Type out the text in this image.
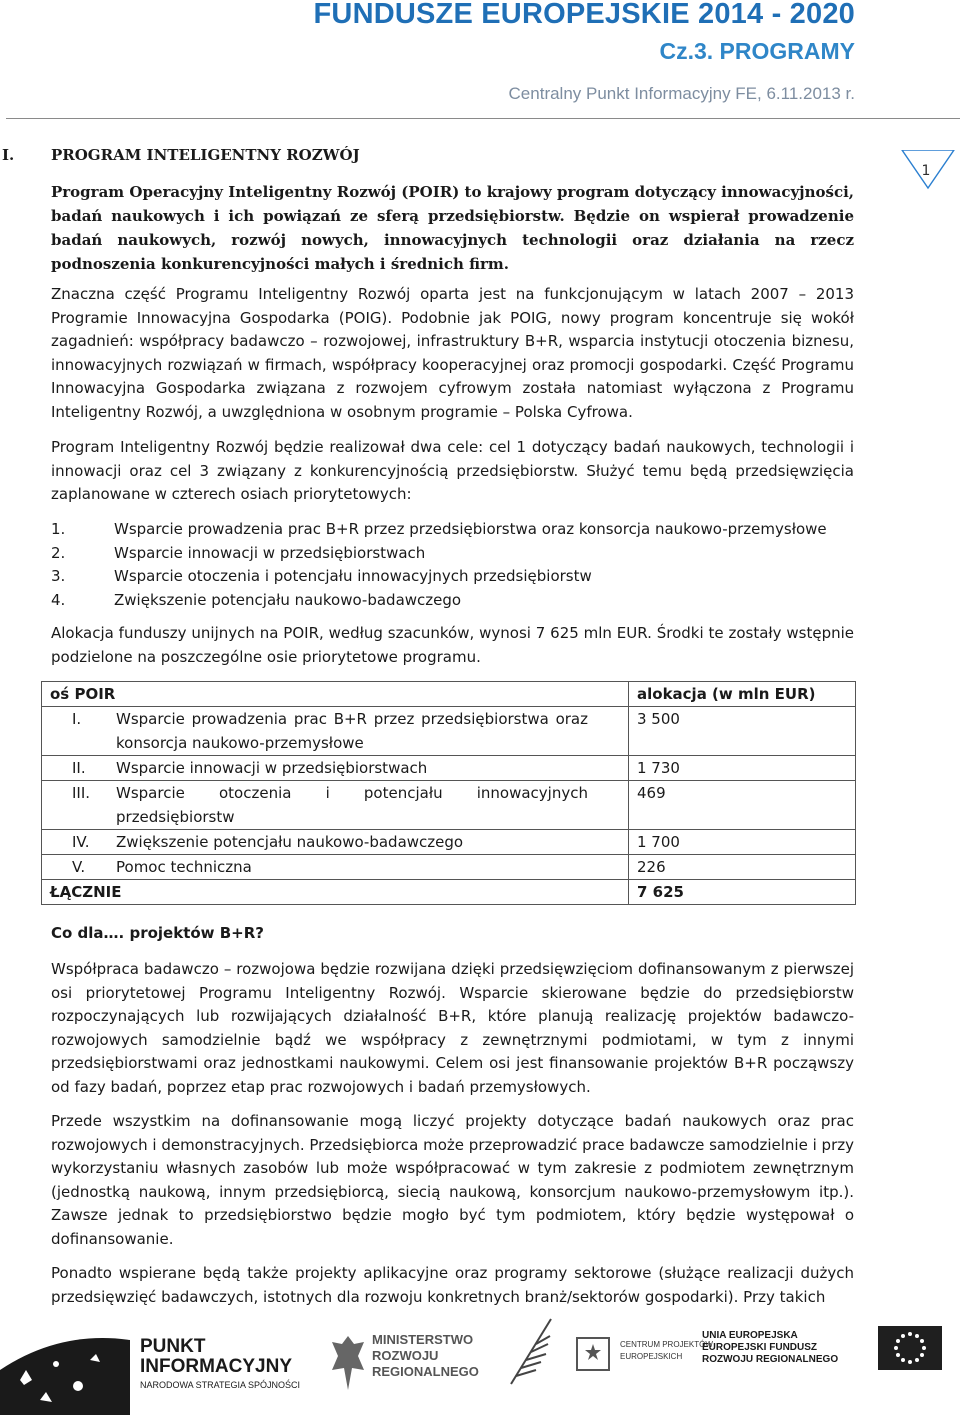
FUNDUSZE EUROPEJSKIE 2014 - 2020
Cz.3. PROGRAMY
Centralny Punkt Informacyjny FE, 6.11.2013 r.
1
I. PROGRAM INTELIGENTNY ROZWÓJ
Program Operacyjny Inteligentny Rozwój (POIR) to krajowy program dotyczący innowacyjności, badań naukowych i ich powiązań ze sferą przedsiębiorstw. Będzie on wspierał prowadzenie badań naukowych, rozwój nowych, innowacyjnych technologii oraz działania na rzecz podnoszenia konkurencyjności małych i średnich firm.
Znaczna część Programu Inteligentny Rozwój oparta jest na funkcjonującym w latach 2007 – 2013 Programie Innowacyjna Gospodarka (POIG). Podobnie jak POIG, nowy program koncentruje się wokół zagadnień: współpracy badawczo – rozwojowej, infrastruktury B+R, wsparcia instytucji otoczenia biznesu, innowacyjnych rozwiązań w firmach, współpracy kooperacyjnej oraz promocji gospodarki. Część Programu Innowacyjna Gospodarka związana z rozwojem cyfrowym została natomiast wyłączona z Programu Inteligentny Rozwój, a uwzględniona w osobnym programie – Polska Cyfrowa.
Program Inteligentny Rozwój będzie realizował dwa cele: cel 1 dotyczący badań naukowych, technologii i innowacji oraz cel 3 związany z konkurencyjnością przedsiębiorstw. Służyć temu będą przedsięwzięcia zaplanowane w czterech osiach priorytetowych:
1.	Wsparcie prowadzenia prac B+R przez przedsiębiorstwa oraz konsorcja naukowo-przemysłowe
2.	Wsparcie innowacji w przedsiębiorstwach
3.	Wsparcie otoczenia i potencjału innowacyjnych przedsiębiorstw
4.	Zwiększenie potencjału naukowo-badawczego
Alokacja funduszy unijnych na POIR, według szacunków, wynosi 7 625 mln EUR. Środki te zostały wstępnie podzielone na poszczególne osie priorytetowe programu.
oś POIR	alokacja (w mln EUR)

I. Wsparcie prowadzenia prac B+R przez przedsiębiorstwa oraz konsorcja naukowo-przemysłowe	3 500

II. Wsparcie innowacji w przedsiębiorstwach	1 730

III. Wsparcie otoczenia i potencjału innowacyjnych przedsiębiorstw	469

IV. Zwiększenie potencjału naukowo-badawczego	1 700

V. Pomoc techniczna	226
ŁĄCZNIE	7 625
Co dla…. projektów B+R?
Współpraca badawczo – rozwojowa będzie rozwijana dzięki przedsięwzięciom dofinansowanym z pierwszej osi priorytetowej Programu Inteligentny Rozwój. Wsparcie skierowane będzie do przedsiębiorstw rozpoczynających lub rozwijających działalność B+R, które planują realizację projektów badawczo-rozwojowych samodzielnie bądź we współpracy z zewnętrznymi podmiotami, w tym z innymi przedsiębiorstwami oraz jednostkami naukowymi. Celem osi jest finansowanie projektów B+R począwszy od fazy badań, poprzez etap prac rozwojowych i badań przemysłowych.
Przede wszystkim na dofinansowanie mogą liczyć projekty dotyczące badań naukowych oraz prac rozwojowych i demonstracyjnych. Przedsiębiorca może przeprowadzić prace badawcze samodzielnie i przy wykorzystaniu własnych zasobów lub może współpracować w tym zakresie z podmiotem zewnętrznym (jednostką naukową, innym przedsiębiorcą, siecią naukową, konsorcjum naukowo-przemysłowym itp.). Zawsze jednak to przedsiębiorstwo będzie mogło być tym podmiotem, który będzie występował o dofinansowanie.
Ponadto wspierane będą także projekty aplikacyjne oraz programy sektorowe (służące realizacji dużych przedsięwzięć badawczych, istotnych dla rozwoju konkretnych branż/sektorów gospodarki). Przy takich
PUNKT
INFORMACYJNY
NARODOWA STRATEGIA SPÓJNOŚCI
MINISTERSTWO
ROZWOJU
REGIONALNEGO
CENTRUM PROJEKTÓW
EUROPEJSKICH
UNIA EUROPEJSKA
EUROPEJSKI FUNDUSZ
ROZWOJU REGIONALNEGO
